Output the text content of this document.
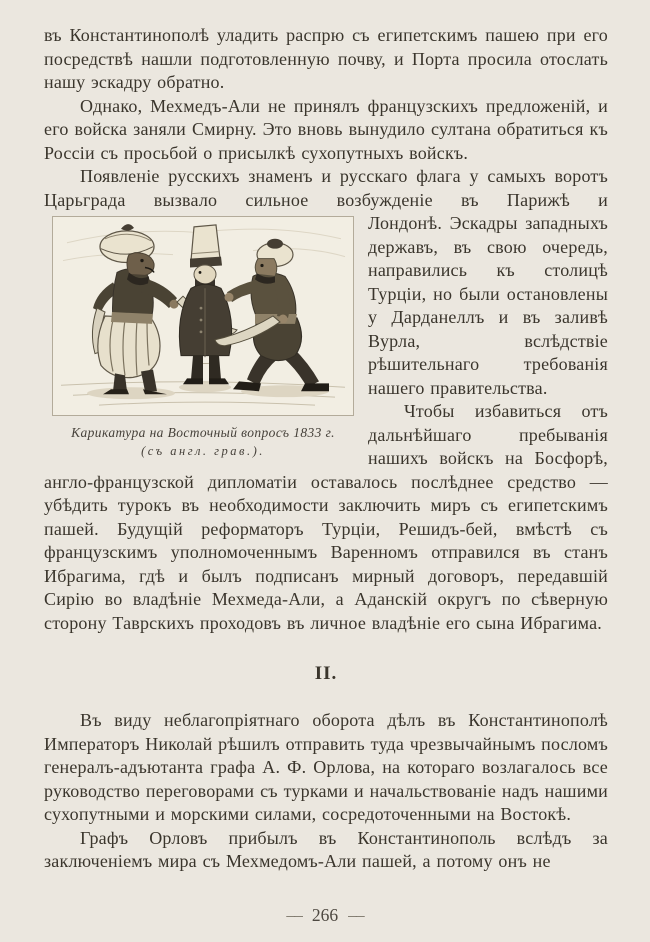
въ Константинополѣ уладить распрю съ египетскимъ пашею при его посредствѣ нашли подготовленную почву, и Порта просила отослать нашу эскадру обратно.

Однако, Мехмедъ-Али не принялъ французскихъ предложеній, и его войска заняли Смирну. Это вновь вынудило султана обратиться къ Россіи съ просьбой о присылкѣ сухопутныхъ войскъ.

Появленіе русскихъ знаменъ и русскаго флага у самыхъ воротъ Царьграда вызвало сильное возбужденіе въ Парижѣ и

Карикатура на Восточный вопросъ 1833 г.
(съ англ. грав.).

Лондонѣ. Эскадры западныхъ державъ, въ свою очередь, направились къ столицѣ Турціи, но были остановлены у Дарданеллъ и въ заливѣ Вурла, вслѣдствіе рѣшительнаго требованія нашего правительства.

Чтобы избавиться отъ дальнѣйшаго пребыванія нашихъ войскъ на Босфорѣ, англо-французской дипломатіи оставалось послѣднее средство — убѣдить турокъ въ необходимости заключить миръ съ египетскимъ пашей. Будущій реформаторъ Турціи, Решидъ-бей, вмѣстѣ съ французскимъ уполномоченнымъ Варенномъ отправился въ станъ Ибрагима, гдѣ и былъ подписанъ мирный договоръ, передавшій Сирію во владѣніе Мехмеда-Али, а Аданскій округъ по сѣверную сторону Таврскихъ проходовъ въ личное владѣніе его сына Ибрагима.

II.

Въ виду неблагопріятнаго оборота дѣлъ въ Константинополѣ Императоръ Николай рѣшилъ отправить туда чрезвычайнымъ посломъ генералъ-адъютанта графа А. Ф. Орлова, на котораго возлагалось все руководство переговорами съ турками и начальствованіе надъ нашими сухопутными и морскими силами, сосредоточенными на Востокѣ.

Графъ Орловъ прибылъ въ Константинополь вслѣдъ за заключеніемъ мира съ Мехмедомъ-Али пашей, а потому онъ не

–– 266 ––
